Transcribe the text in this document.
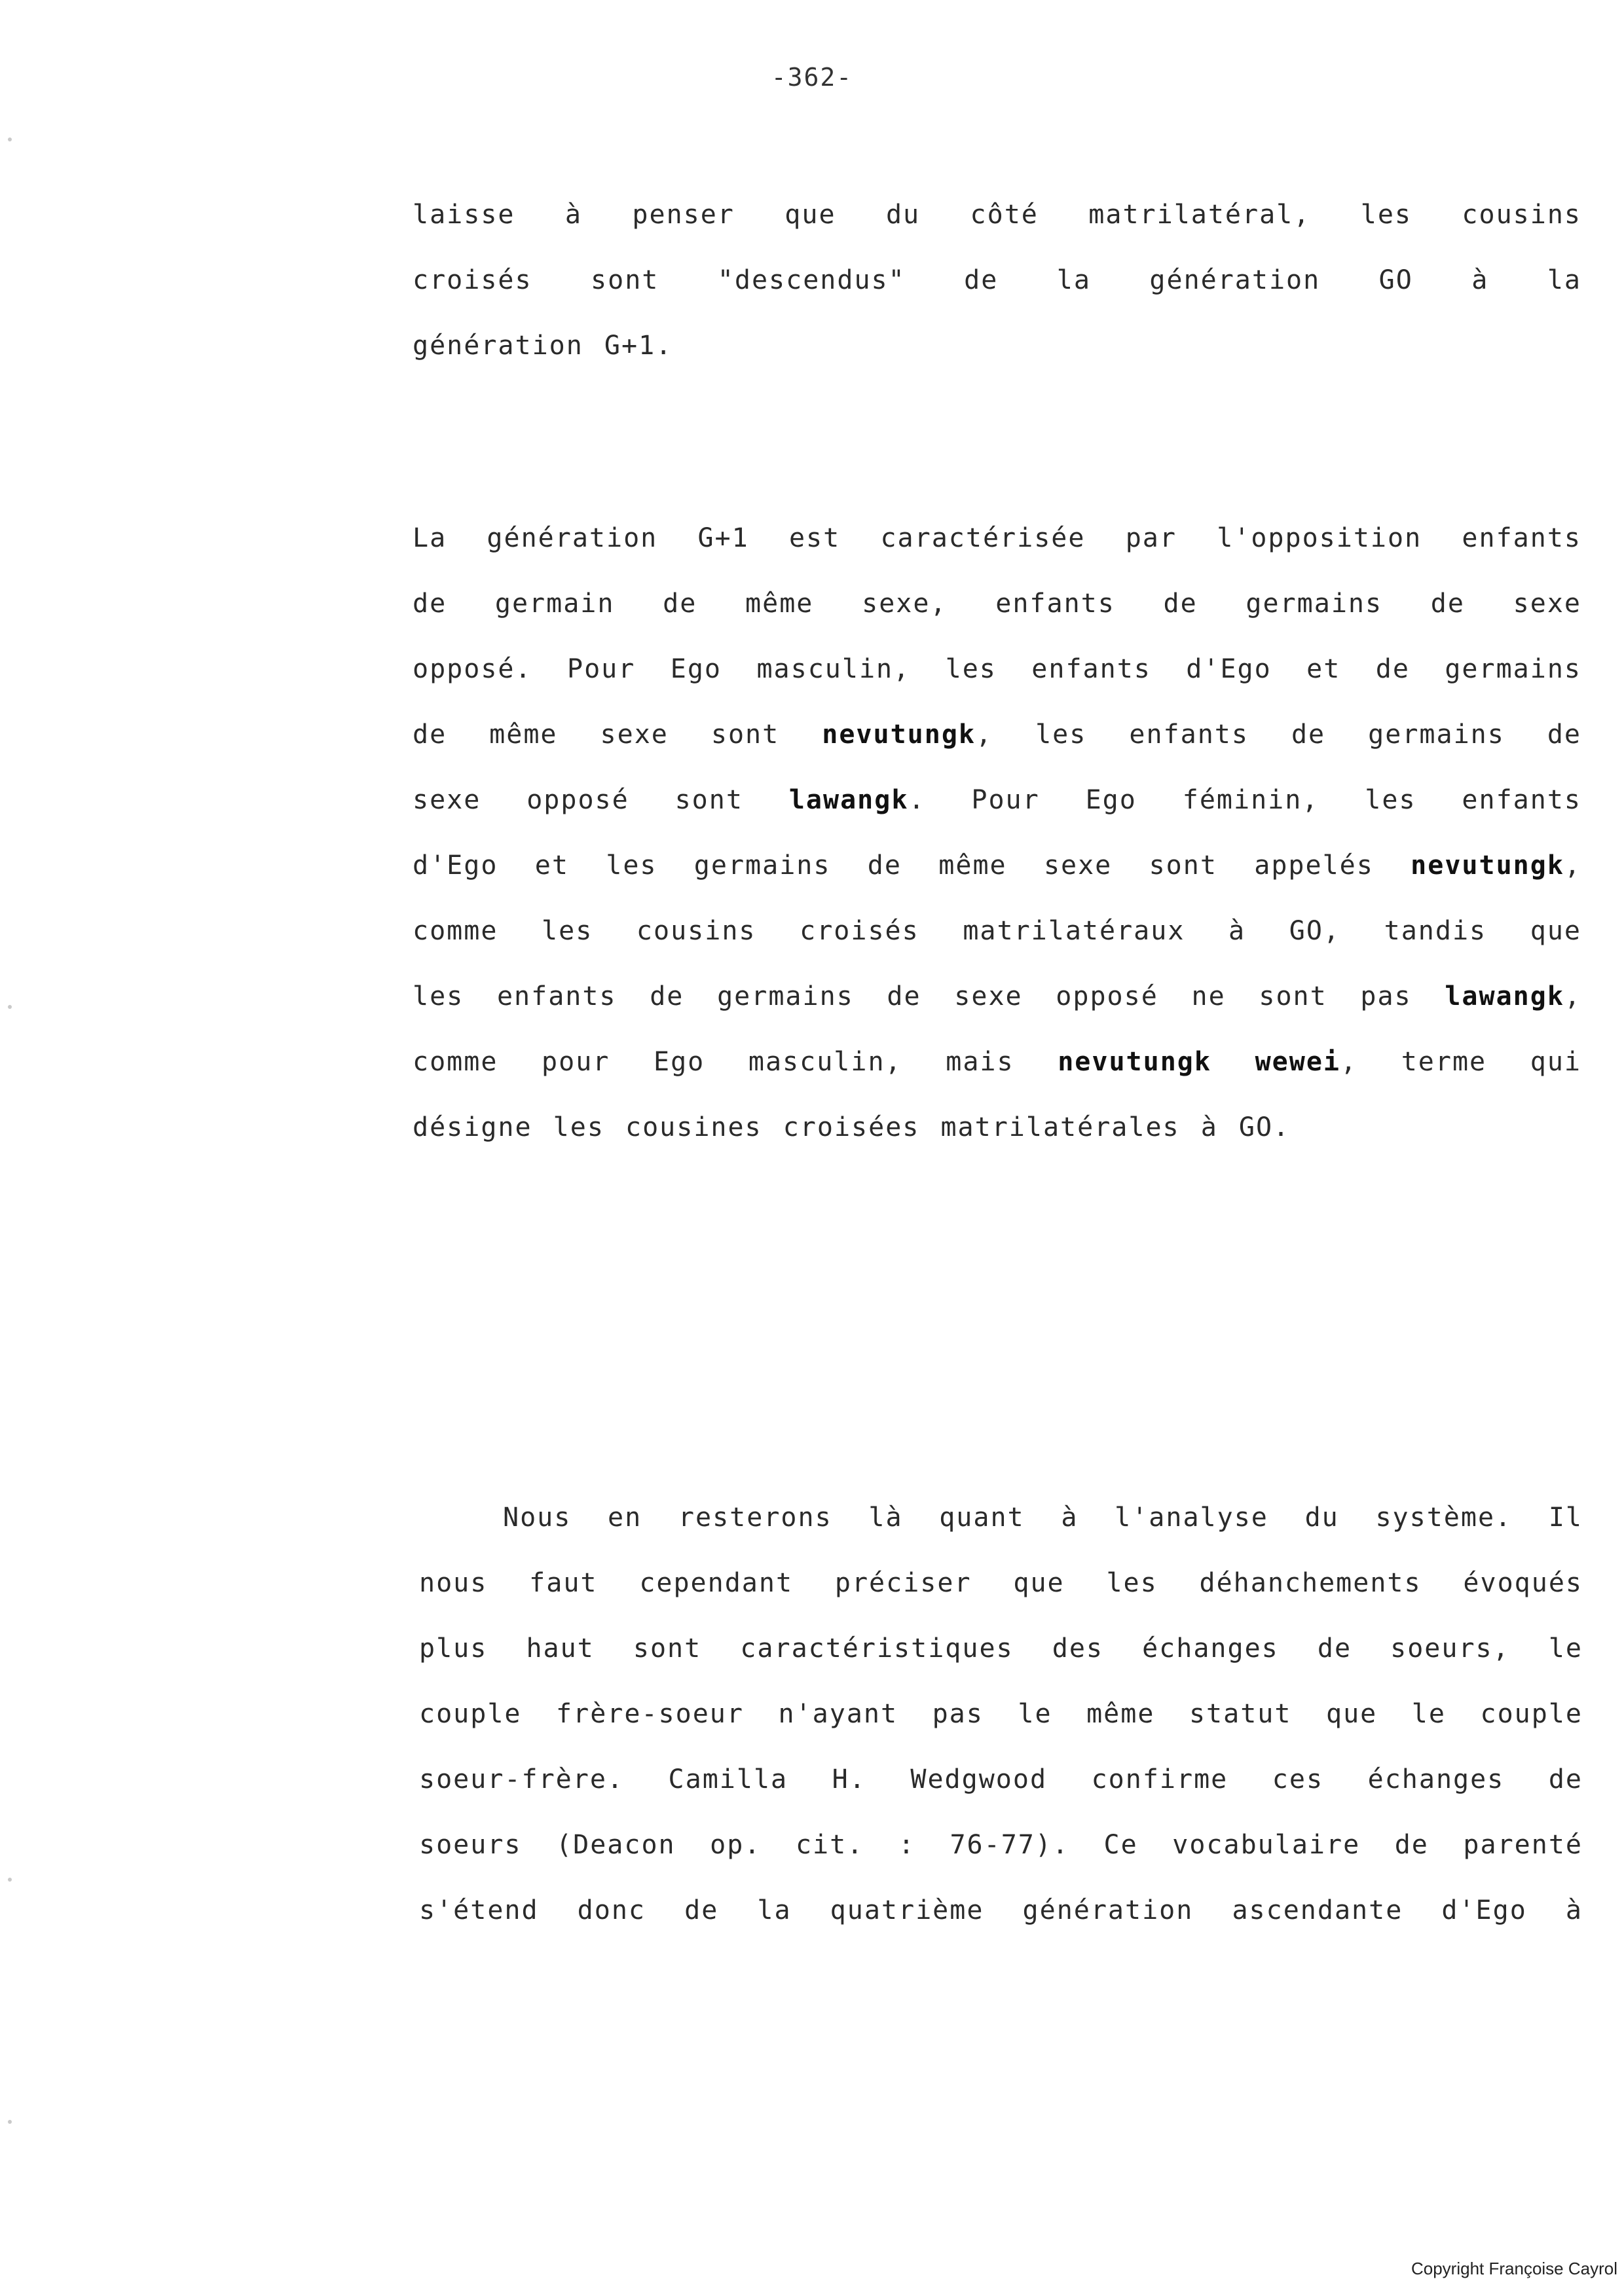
-362-
laisse à penser que du côté matrilatéral, les cousins
croisés sont "descendus" de la génération GO à la
génération G+1.
La génération G+1 est caractérisée par l'opposition enfants
de germain de même sexe, enfants de germains de sexe
opposé. Pour Ego masculin, les enfants d'Ego et de germains
de même sexe sont nevutungk, les enfants de germains de
sexe opposé sont lawangk. Pour Ego féminin, les enfants
d'Ego et les germains de même sexe sont appelés nevutungk,
comme les cousins croisés matrilatéraux à GO, tandis que
les enfants de germains de sexe opposé ne sont pas lawangk,
comme pour Ego masculin, mais nevutungk wewei, terme qui
désigne les cousines croisées matrilatérales à GO.
Nous en resterons là quant à l'analyse du système. Il
nous faut cependant préciser que les déhanchements évoqués
plus haut sont caractéristiques des échanges de soeurs, le
couple frère-soeur n'ayant pas le même statut que le couple
soeur-frère. Camilla H. Wedgwood confirme ces échanges de
soeurs (Deacon op. cit. : 76-77). Ce vocabulaire de parenté
s'étend donc de la quatrième génération ascendante d'Ego à
Copyright Françoise Cayrol
